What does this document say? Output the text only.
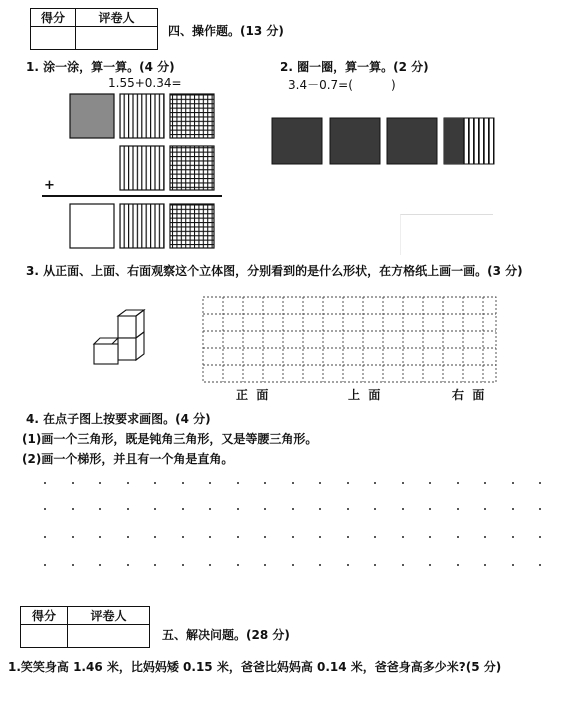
得分	评卷人

四、操作题。(13 分)
1. 涂一涂，算一算。(4 分)
1.55+0.34=
+
2. 圈一圈，算一算。(2 分)
3.4－0.7=(          )
3. 从正面、上面、右面观察这个立体图，分别看到的是什么形状，在方格纸上画一画。(3 分)
正  面	上  面	右  面
4. 在点子图上按要求画图。(4 分)
(1)画一个三角形，既是钝角三角形，又是等腰三角形。
(2)画一个梯形，并且有一个角是直角。
得分	评卷人

五、解决问题。(28 分)
1.笑笑身高 1.46 米，比妈妈矮 0.15 米，爸爸比妈妈高 0.14 米，爸爸身高多少米?(5 分)
